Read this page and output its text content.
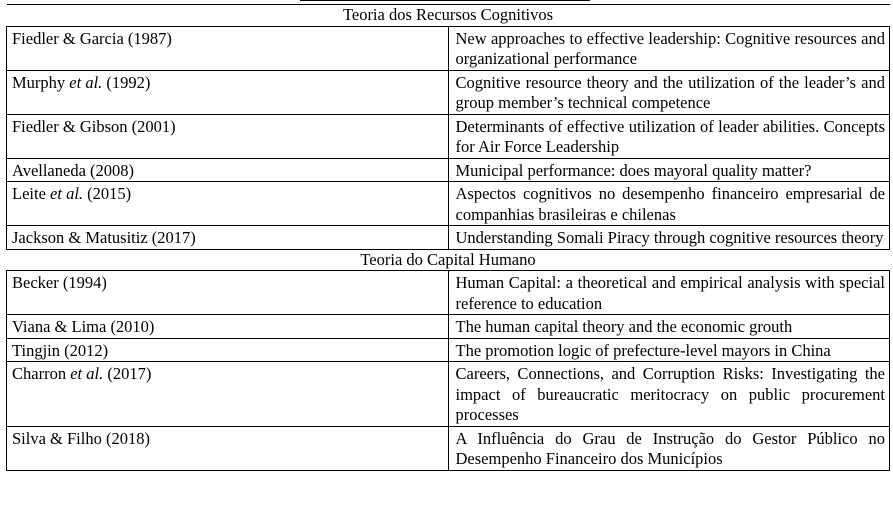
Teoria dos Recursos Cognitivos	
Fiedler & Garcia (1987)	New approaches to effective leadership: Cognitive resources and organizational performance
Murphy et al. (1992)	Cognitive resource theory and the utilization of the leader’s and group member’s technical competence
Fiedler & Gibson (2001)	Determinants of effective utilization of leader abilities. Concepts for Air Force Leadership
Avellaneda (2008)	Municipal performance: does mayoral quality matter?
Leite et al. (2015)	Aspectos cognitivos no desempenho financeiro empresarial de companhias brasileiras e chilenas
Jackson & Matusitiz (2017)	Understanding Somali Piracy through cognitive resources theory
Teoria do Capital Humano	
Becker (1994)	Human Capital: a theoretical and empirical analysis with special reference to education
Viana & Lima (2010)	The human capital theory and the economic grouth
Tingjin (2012)	The promotion logic of prefecture-level mayors in China
Charron et al. (2017)	Careers, Connections, and Corruption Risks: Investigating the impact of bureaucratic meritocracy on public procurement processes
Silva & Filho (2018)	A Influência do Grau de Instrução do Gestor Público no Desempenho Financeiro dos Municípios
